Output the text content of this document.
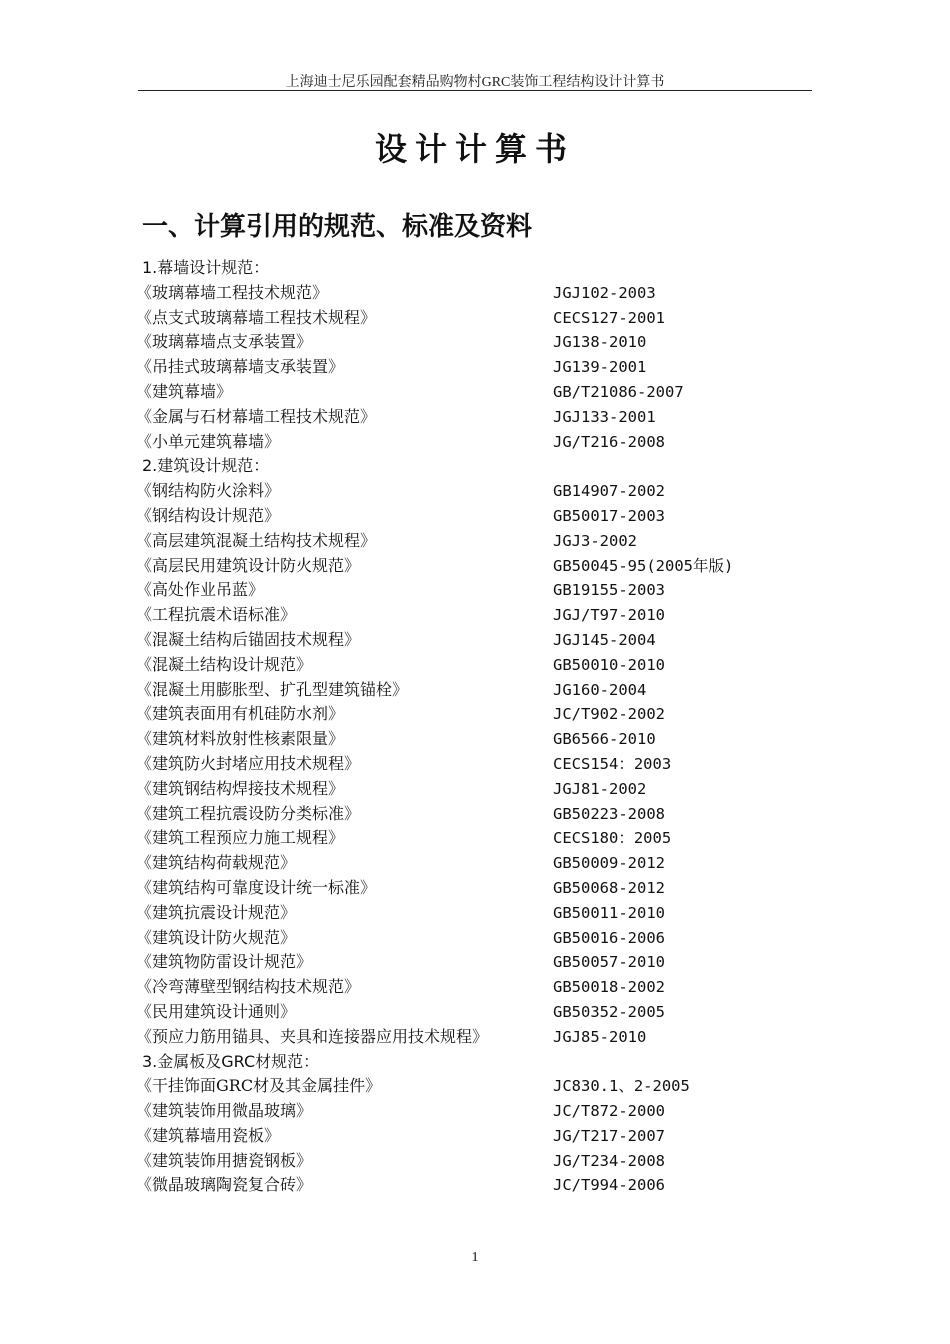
上海迪士尼乐园配套精品购物村GRC装饰工程结构设计计算书
设计计算书
一、计算引用的规范、标准及资料
1.幕墙设计规范：
《玻璃幕墙工程技术规范》	JGJ102-2003
《点支式玻璃幕墙工程技术规程》	CECS127-2001
《玻璃幕墙点支承装置》	JG138-2010
《吊挂式玻璃幕墙支承装置》	JG139-2001
《建筑幕墙》	GB/T21086-2007
《金属与石材幕墙工程技术规范》	JGJ133-2001
《小单元建筑幕墙》	JG/T216-2008
2.建筑设计规范：
《钢结构防火涂料》	GB14907-2002
《钢结构设计规范》	GB50017-2003
《高层建筑混凝土结构技术规程》	JGJ3-2002
《高层民用建筑设计防火规范》	GB50045-95(2005年版)
《高处作业吊蓝》	GB19155-2003
《工程抗震术语标准》	JGJ/T97-2010
《混凝土结构后锚固技术规程》	JGJ145-2004
《混凝土结构设计规范》	GB50010-2010
《混凝土用膨胀型、扩孔型建筑锚栓》	JG160-2004
《建筑表面用有机硅防水剂》	JC/T902-2002
《建筑材料放射性核素限量》	GB6566-2010
《建筑防火封堵应用技术规程》	CECS154：2003
《建筑钢结构焊接技术规程》	JGJ81-2002
《建筑工程抗震设防分类标准》	GB50223-2008
《建筑工程预应力施工规程》	CECS180：2005
《建筑结构荷载规范》	GB50009-2012
《建筑结构可靠度设计统一标准》	GB50068-2012
《建筑抗震设计规范》	GB50011-2010
《建筑设计防火规范》	GB50016-2006
《建筑物防雷设计规范》	GB50057-2010
《冷弯薄壁型钢结构技术规范》	GB50018-2002
《民用建筑设计通则》	GB50352-2005
《预应力筋用锚具、夹具和连接器应用技术规程》	JGJ85-2010
3.金属板及GRC材规范：
《干挂饰面GRC材及其金属挂件》	JC830.1、2-2005
《建筑装饰用微晶玻璃》	JC/T872-2000
《建筑幕墙用瓷板》	JG/T217-2007
《建筑装饰用搪瓷钢板》	JG/T234-2008
《微晶玻璃陶瓷复合砖》	JC/T994-2006
1
